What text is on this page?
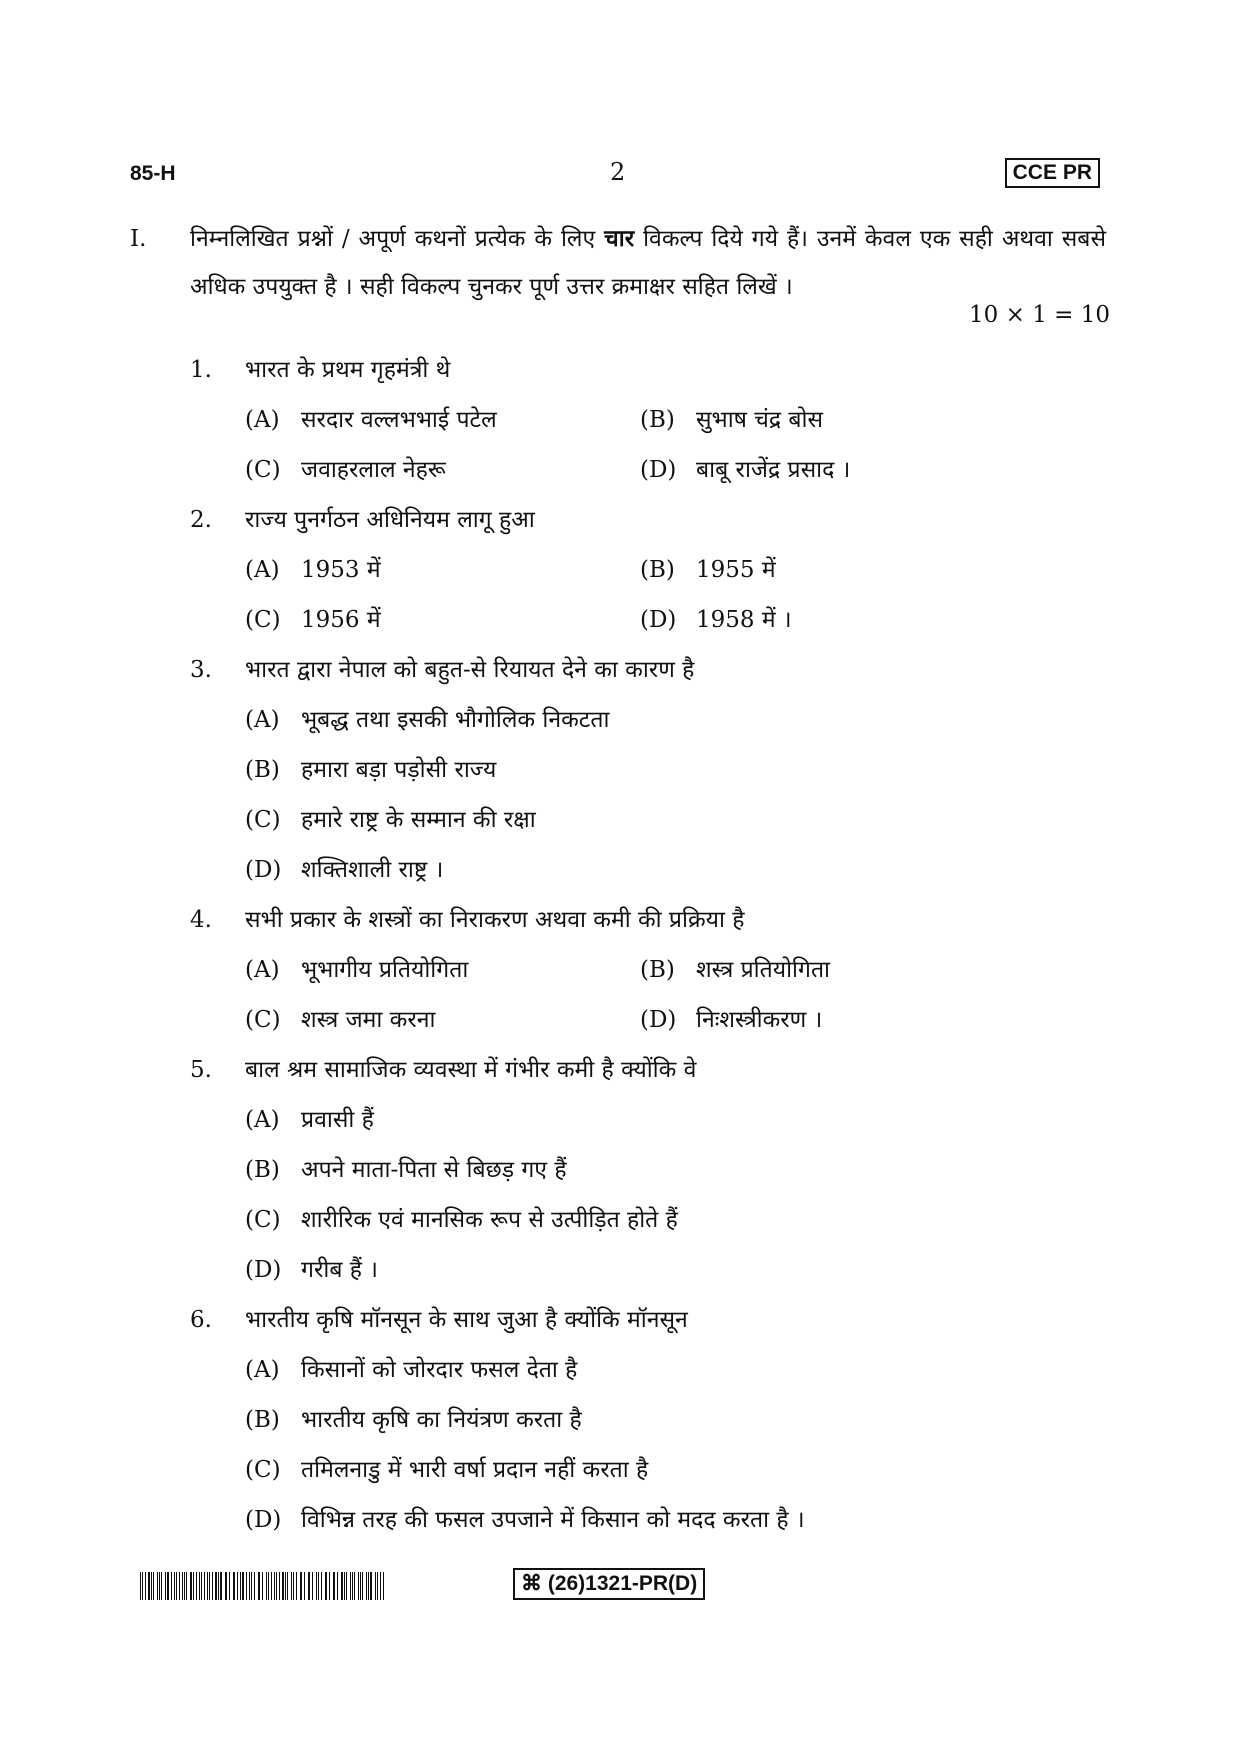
85-H	2	CCE PR
I. निम्नलिखित प्रश्नों / अपूर्ण कथनों प्रत्येक के लिए चार विकल्प दिये गये हैं। उनमें केवल एक सही अथवा सबसे अधिक उपयुक्त है । सही विकल्प चुनकर पूर्ण उत्तर क्रमाक्षर सहित लिखें ।
10 × 1 = 10
1.	भारत के प्रथम गृहमंत्री थे
(A) सरदार वल्लभभाई पटेल	(B) सुभाष चंद्र बोस
(C) जवाहरलाल नेहरू	(D) बाबू राजेंद्र प्रसाद ।
2.	राज्य पुनर्गठन अधिनियम लागू हुआ
(A) 1953 में	(B) 1955 में
(C) 1956 में	(D) 1958 में ।
3.	भारत द्वारा नेपाल को बहुत-से रियायत देने का कारण है
(A) भूबद्ध तथा इसकी भौगोलिक निकटता
(B) हमारा बड़ा पड़ोसी राज्य
(C) हमारे राष्ट्र के सम्मान की रक्षा
(D) शक्तिशाली राष्ट्र ।
4.	सभी प्रकार के शस्त्रों का निराकरण अथवा कमी की प्रक्रिया है
(A) भूभागीय प्रतियोगिता	(B) शस्त्र प्रतियोगिता
(C) शस्त्र जमा करना	(D) निःशस्त्रीकरण ।
5.	बाल श्रम सामाजिक व्यवस्था में गंभीर कमी है क्योंकि वे
(A) प्रवासी हैं
(B) अपने माता-पिता से बिछड़ गए हैं
(C) शारीरिक एवं मानसिक रूप से उत्पीड़ित होते हैं
(D) गरीब हैं ।
6.	भारतीय कृषि मॉनसून के साथ जुआ है क्योंकि मॉनसून
(A) किसानों को जोरदार फसल देता है
(B) भारतीय कृषि का नियंत्रण करता है
(C) तमिलनाडु में भारी वर्षा प्रदान नहीं करता है
(D) विभिन्न तरह की फसल उपजाने में किसान को मदद करता है ।
⌘ (26)1321-PR(D)
